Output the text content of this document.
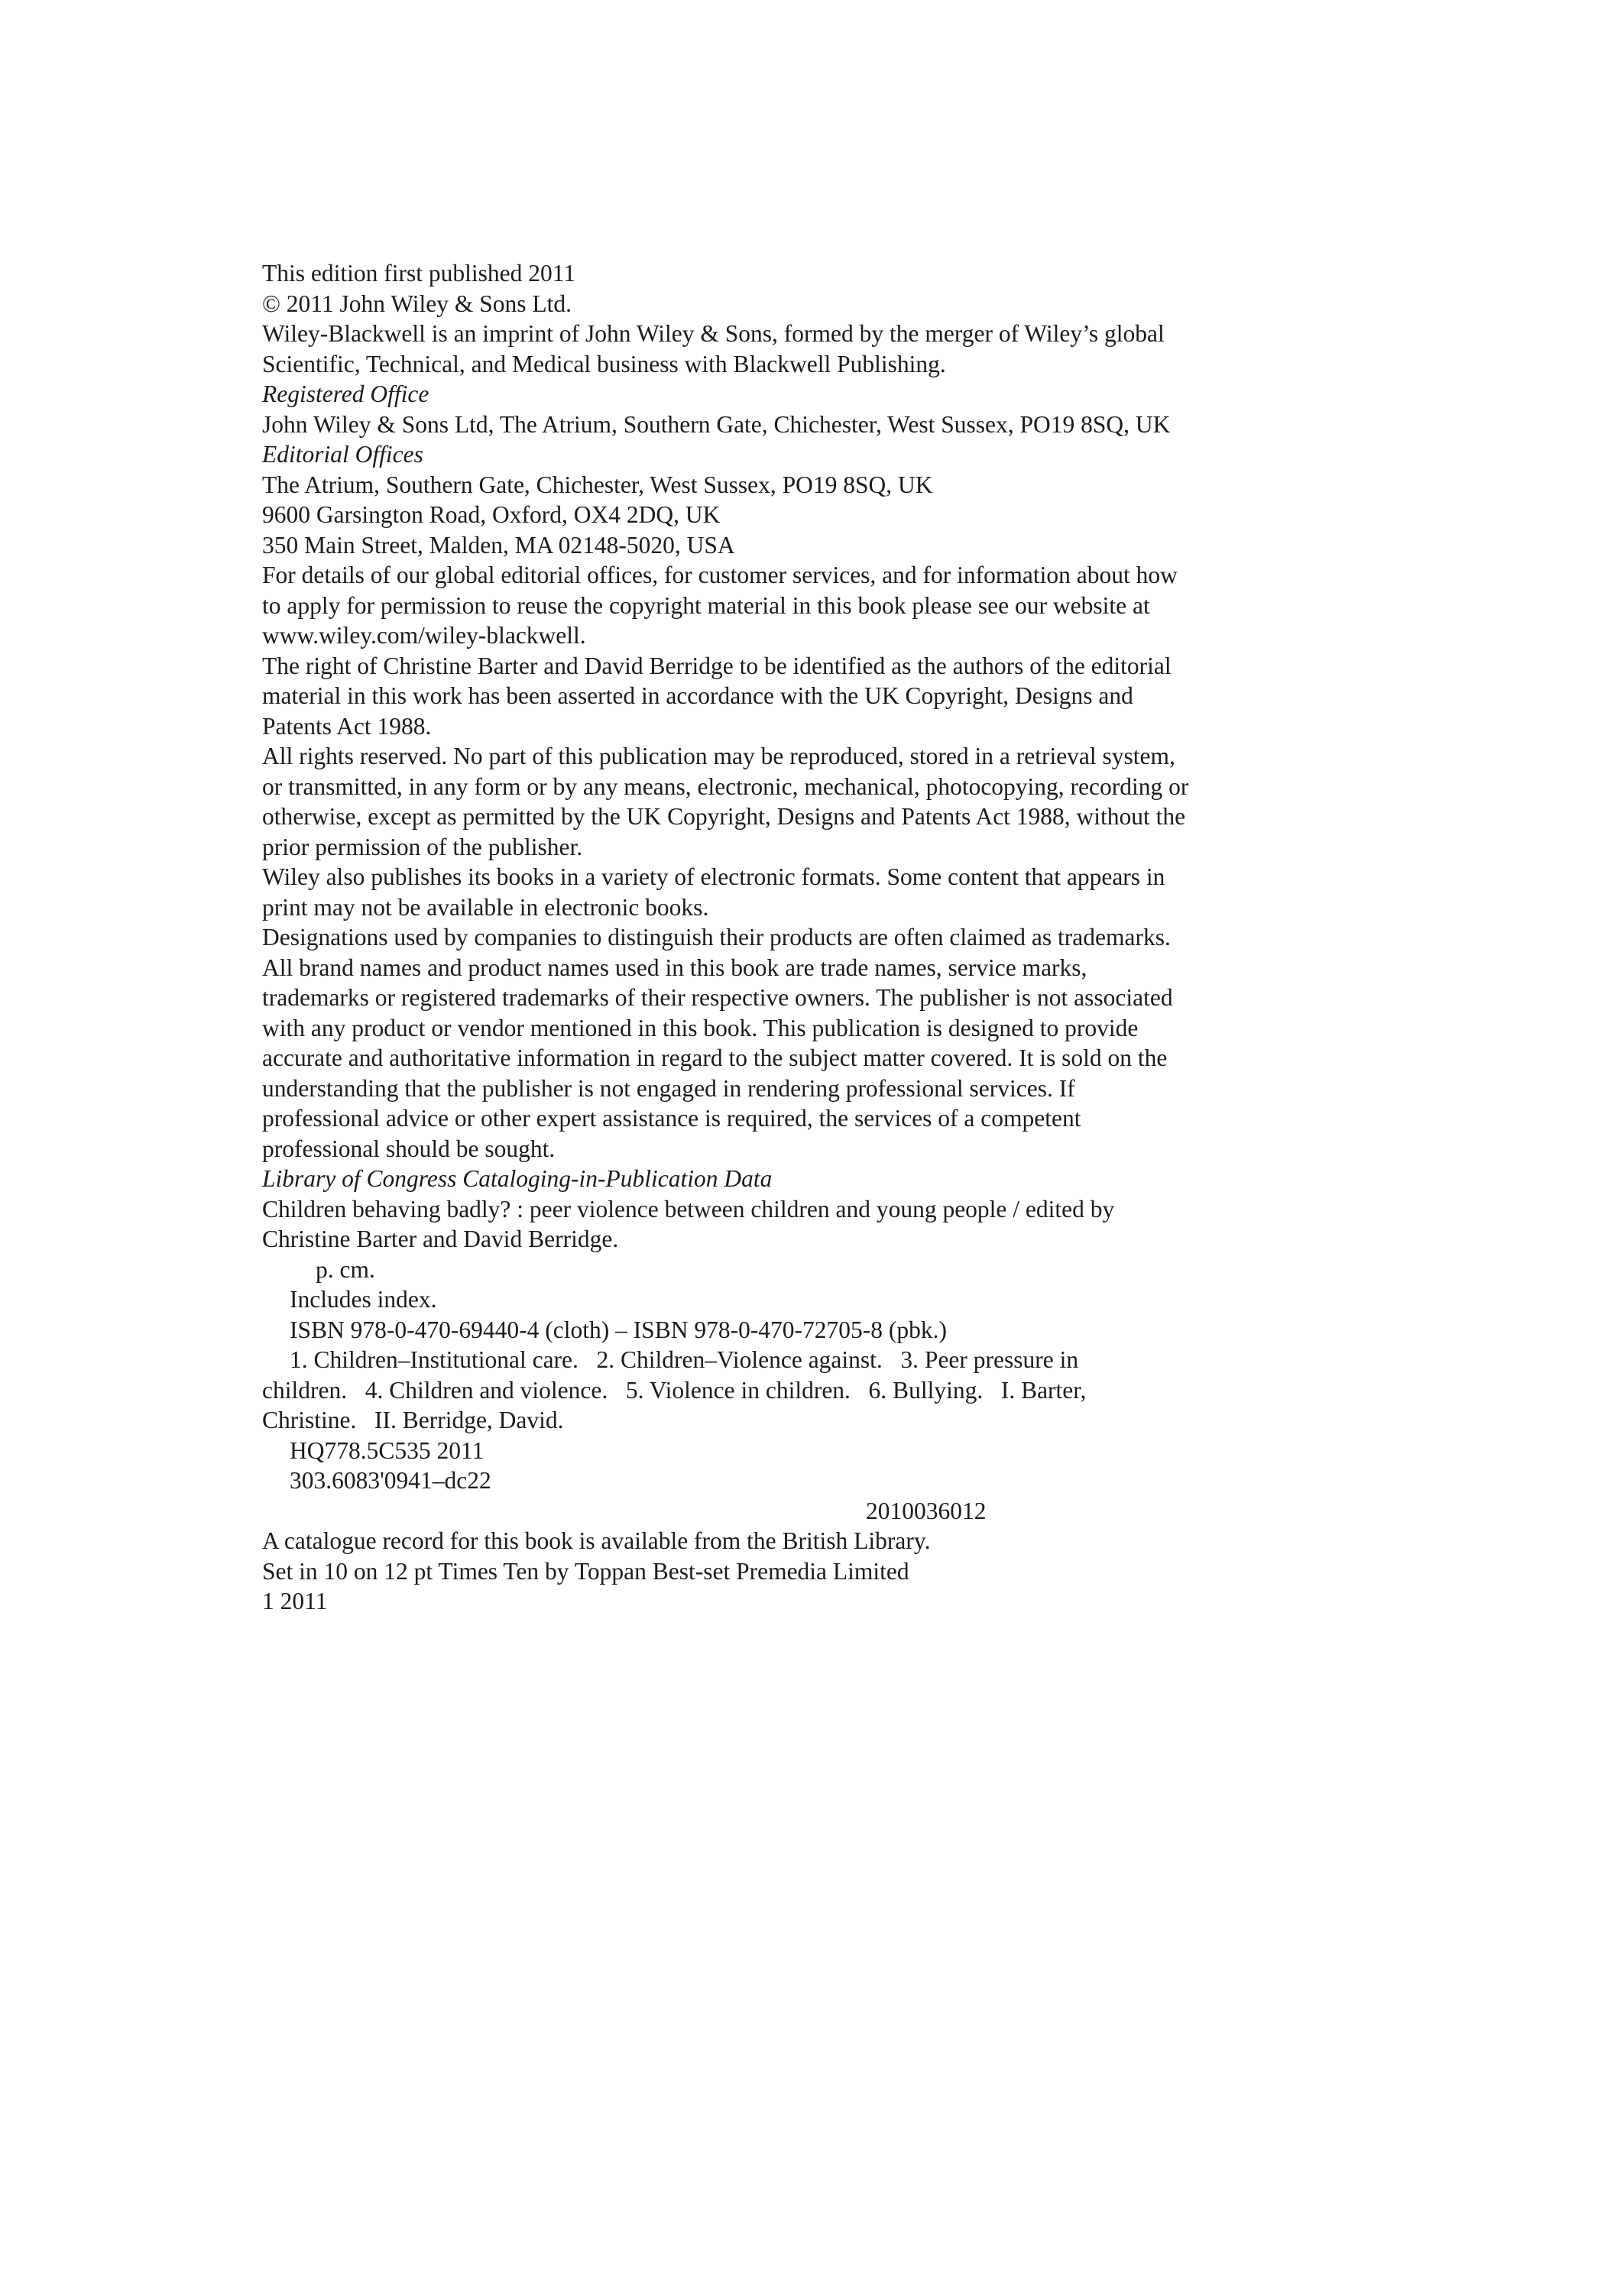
This edition first published 2011
© 2011 John Wiley & Sons Ltd.

Wiley-Blackwell is an imprint of John Wiley & Sons, formed by the merger of Wiley’s global
Scientific, Technical, and Medical business with Blackwell Publishing.

Registered Office
John Wiley & Sons Ltd, The Atrium, Southern Gate, Chichester, West Sussex, PO19 8SQ, UK

Editorial Offices
The Atrium, Southern Gate, Chichester, West Sussex, PO19 8SQ, UK
9600 Garsington Road, Oxford, OX4 2DQ, UK
350 Main Street, Malden, MA 02148-5020, USA

For details of our global editorial offices, for customer services, and for information about how
to apply for permission to reuse the copyright material in this book please see our website at
www.wiley.com/wiley-blackwell.

The right of Christine Barter and David Berridge to be identified as the authors of the editorial
material in this work has been asserted in accordance with the UK Copyright, Designs and
Patents Act 1988.

All rights reserved. No part of this publication may be reproduced, stored in a retrieval system,
or transmitted, in any form or by any means, electronic, mechanical, photocopying, recording or
otherwise, except as permitted by the UK Copyright, Designs and Patents Act 1988, without the
prior permission of the publisher.

Wiley also publishes its books in a variety of electronic formats. Some content that appears in
print may not be available in electronic books.

Designations used by companies to distinguish their products are often claimed as trademarks.
All brand names and product names used in this book are trade names, service marks,
trademarks or registered trademarks of their respective owners. The publisher is not associated
with any product or vendor mentioned in this book. This publication is designed to provide
accurate and authoritative information in regard to the subject matter covered. It is sold on the
understanding that the publisher is not engaged in rendering professional services. If
professional advice or other expert assistance is required, the services of a competent
professional should be sought.

Library of Congress Cataloging-in-Publication Data

Children behaving badly? : peer violence between children and young people / edited by
Christine Barter and David Berridge.
p. cm.
Includes index.
ISBN 978-0-470-69440-4 (cloth) – ISBN 978-0-470-72705-8 (pbk.)
1. Children–Institutional care.   2. Children–Violence against.   3. Peer pressure in
children.   4. Children and violence.   5. Violence in children.   6. Bullying.   I. Barter,
Christine.   II. Berridge, David.
HQ778.5C535 2011
303.6083'0941–dc22
2010036012

A catalogue record for this book is available from the British Library.

Set in 10 on 12 pt Times Ten by Toppan Best-set Premedia Limited

1 2011
